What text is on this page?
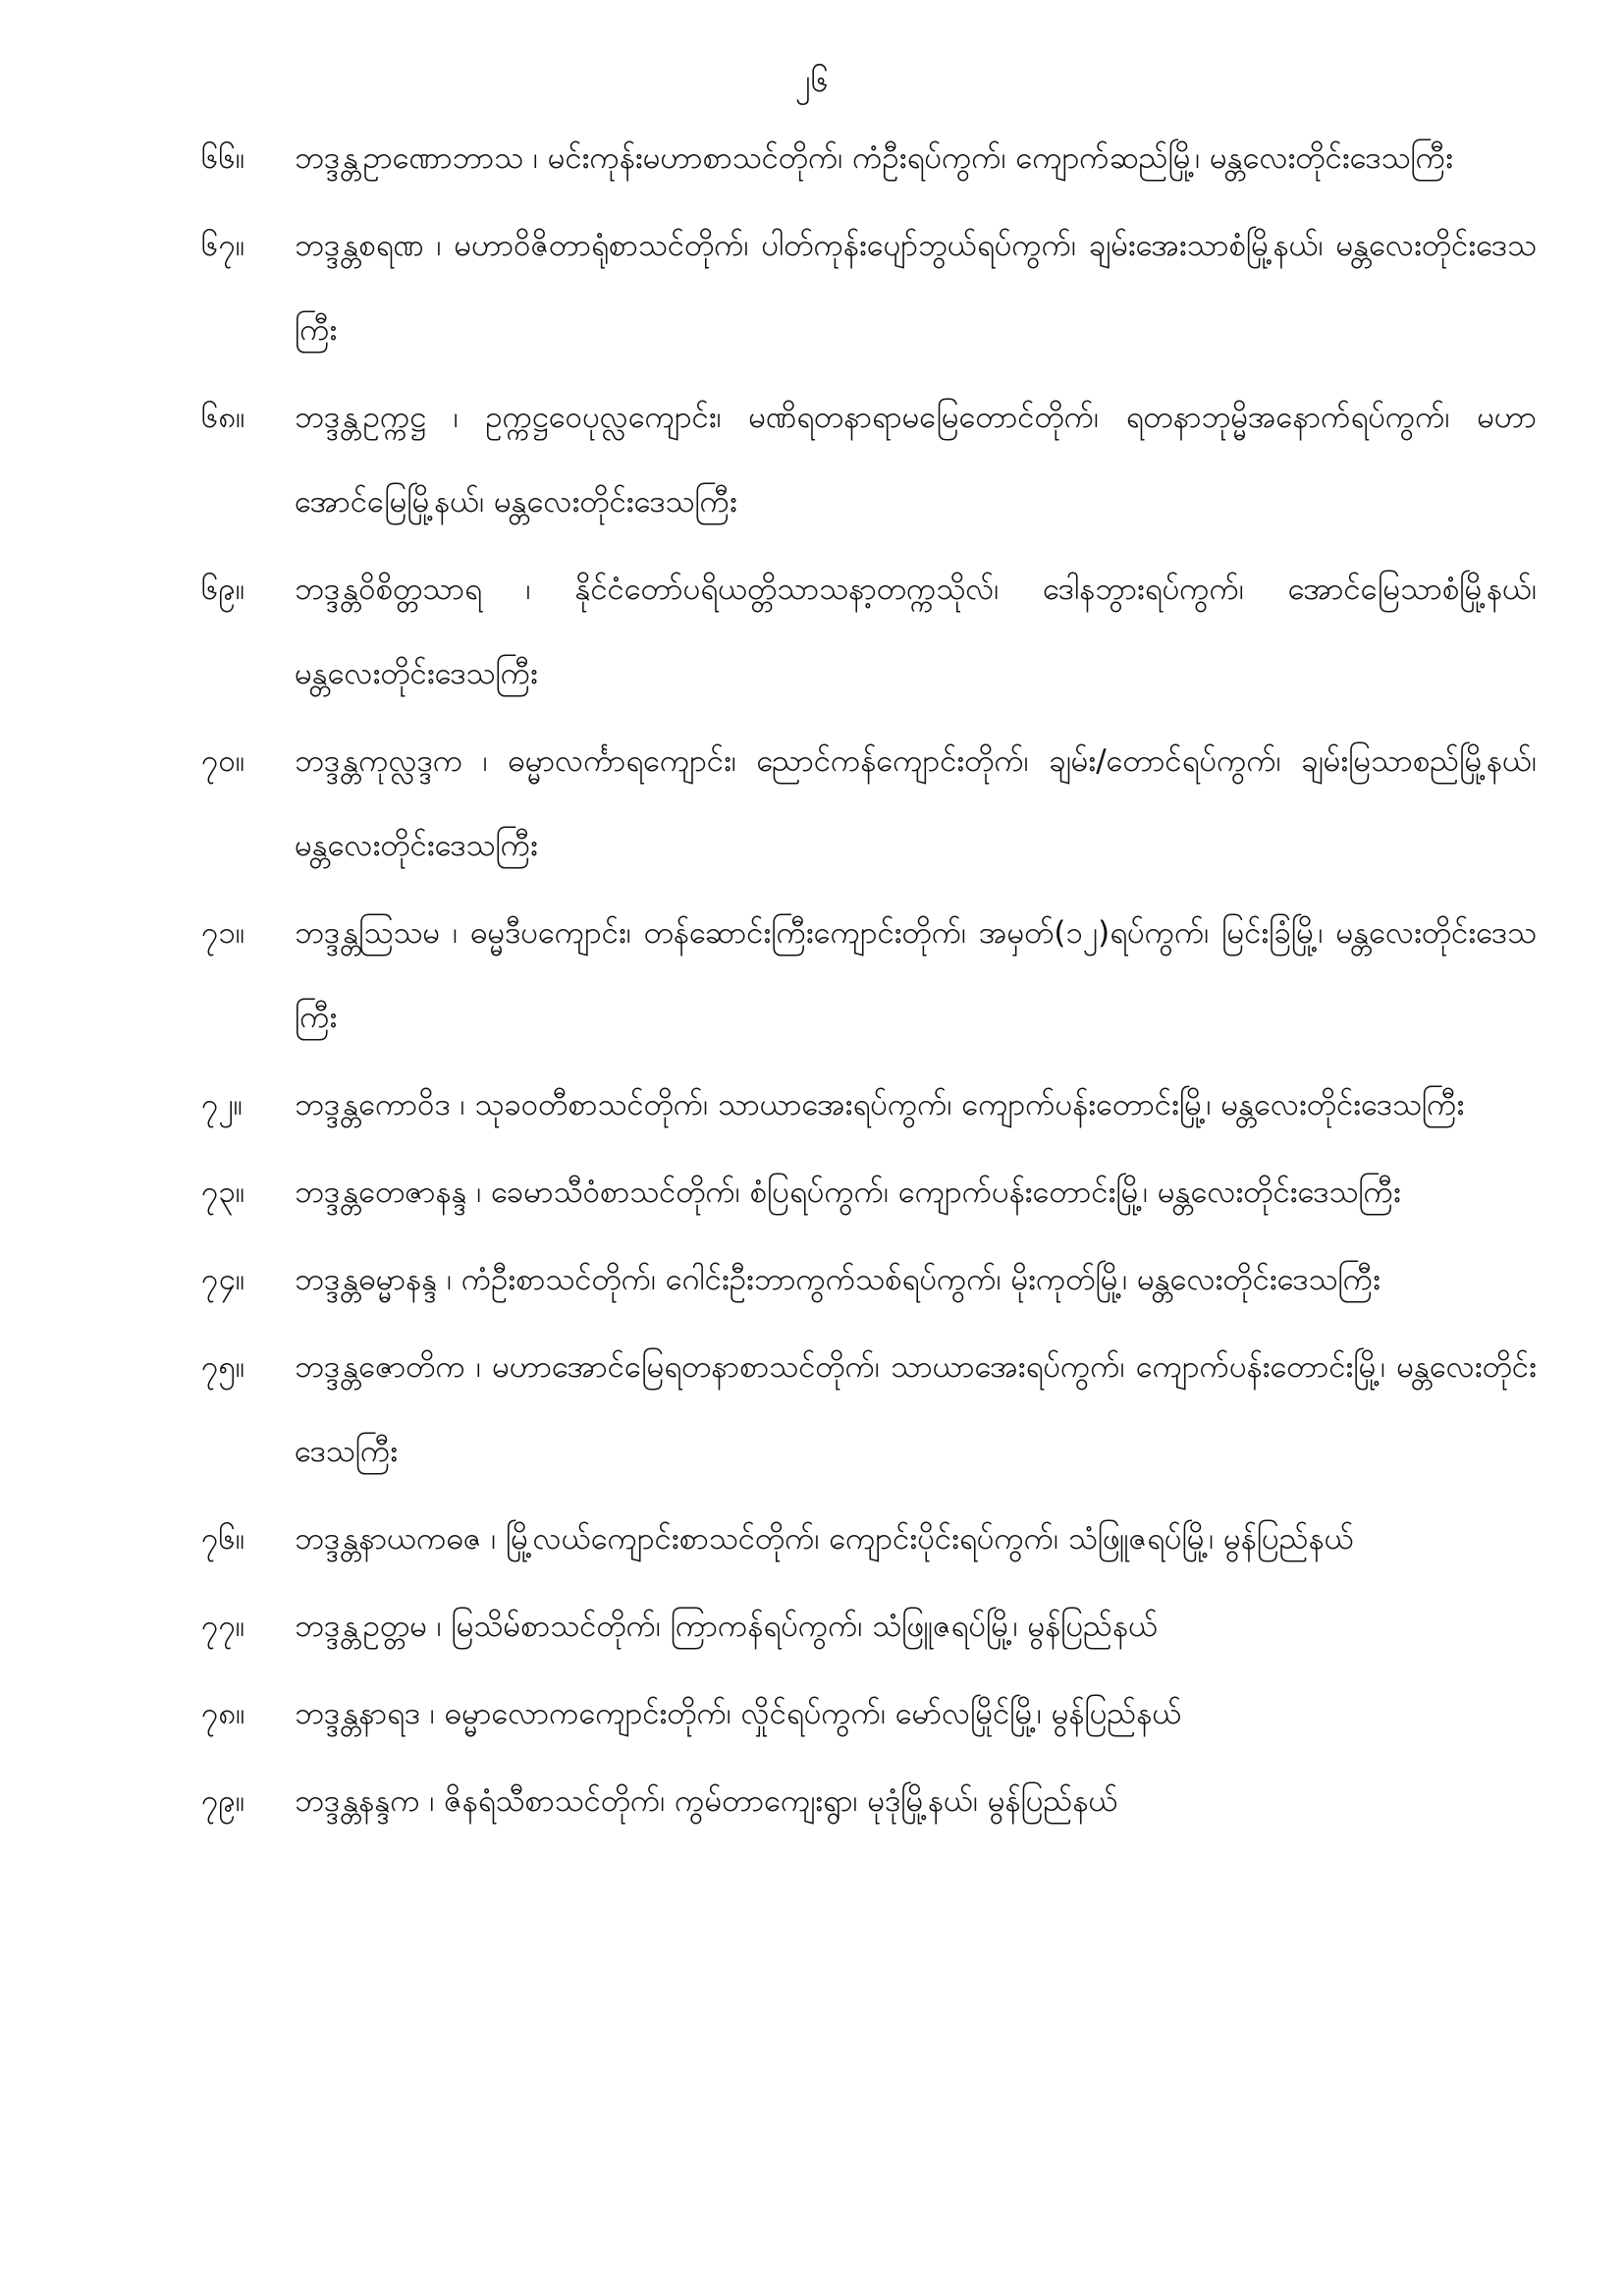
၂၆
၆၆။	ဘဒ္ဒန္တဥာဏောဘာသ ၊ မင်းကုန်းမဟာစာသင်တိုက်၊ ကံဦးရပ်ကွက်၊ ကျောက်ဆည်မြို့၊ မန္တလေးတိုင်းဒေသကြီး
၆၇။	ဘဒ္ဒန္တစရဏ ၊ မဟာဝိဇိတာရုံစာသင်တိုက်၊ ပါတ်ကုန်းပျော်ဘွယ်ရပ်ကွက်၊ ချမ်းအေးသာစံမြို့နယ်၊ မန္တလေးတိုင်းဒေသကြီး
၆၈။	ဘဒ္ဒန္တဥက္ကဋ္ဌ ၊ ဥက္ကဋ္ဌဝေပုလ္လကျောင်း၊ မဏိရတနာရာမမြေတောင်တိုက်၊ ရတနာဘုမ္မိအနောက်ရပ်ကွက်၊ မဟာအောင်မြေမြို့နယ်၊ မန္တလေးတိုင်းဒေသကြီး
၆၉။	ဘဒ္ဒန္တဝိစိတ္တသာရ ၊ နိုင်ငံတော်ပရိယတ္တိသာသနာ့တက္ကသိုလ်၊ ဒေါနဘွားရပ်ကွက်၊ အောင်မြေသာစံမြို့နယ်၊ မန္တလေးတိုင်းဒေသကြီး
၇၀။	ဘဒ္ဒန္တကုလ္လဒ္ဒက ၊ ဓမ္မာလင်္ကာရကျောင်း၊ ညောင်ကန်ကျောင်းတိုက်၊ ချမ်း/တောင်ရပ်ကွက်၊ ချမ်းမြသာစည်မြို့နယ်၊ မန္တလေးတိုင်းဒေသကြီး
၇၁။	ဘဒ္ဒန္တသြသမ ၊ ဓမ္မဒီပကျောင်း၊ တန်ဆောင်းကြီးကျောင်းတိုက်၊ အမှတ်(၁၂)ရပ်ကွက်၊ မြင်းခြံမြို့၊ မန္တလေးတိုင်းဒေသကြီး
၇၂။	ဘဒ္ဒန္တကောဝိဒ ၊ သုခဝတီစာသင်တိုက်၊ သာယာအေးရပ်ကွက်၊ ကျောက်ပန်းတောင်းမြို့၊ မန္တလေးတိုင်းဒေသကြီး
၇၃။	ဘဒ္ဒန္တတေဇာနန္ဒ ၊ ခေမာသီဝံစာသင်တိုက်၊ စံပြရပ်ကွက်၊ ကျောက်ပန်းတောင်းမြို့၊ မန္တလေးတိုင်းဒေသကြီး
၇၄။	ဘဒ္ဒန္တဓမ္မာနန္ဒ ၊ ကံဦးစာသင်တိုက်၊ ဂေါင်းဦးဘာကွက်သစ်ရပ်ကွက်၊ မိုးကုတ်မြို့၊ မန္တလေးတိုင်းဒေသကြီး
၇၅။	ဘဒ္ဒန္တဇောတိက ၊ မဟာအောင်မြေရတနာစာသင်တိုက်၊ သာယာအေးရပ်ကွက်၊ ကျောက်ပန်းတောင်းမြို့၊ မန္တလေးတိုင်းဒေသကြီး
၇၆။	ဘဒ္ဒန္တနာယကဓဇ ၊ မြို့လယ်ကျောင်းစာသင်တိုက်၊ ကျောင်းပိုင်းရပ်ကွက်၊ သံဖြူဇရပ်မြို့၊ မွန်ပြည်နယ်
၇၇။	ဘဒ္ဒန္တဥတ္တမ ၊ မြသိမ်စာသင်တိုက်၊ ကြာကန်ရပ်ကွက်၊ သံဖြူဇရပ်မြို့၊ မွန်ပြည်နယ်
၇၈။	ဘဒ္ဒန္တနာရဒ ၊ ဓမ္မာလောကကျောင်းတိုက်၊ လှိုင်ရပ်ကွက်၊ မော်လမြိုင်မြို့၊ မွန်ပြည်နယ်
၇၉။	ဘဒ္ဒန္တနန္ဒက ၊ ဇိနရံသီစာသင်တိုက်၊ ကွမ်တာကျေးရွာ၊ မုဒုံမြို့နယ်၊ မွန်ပြည်နယ်
